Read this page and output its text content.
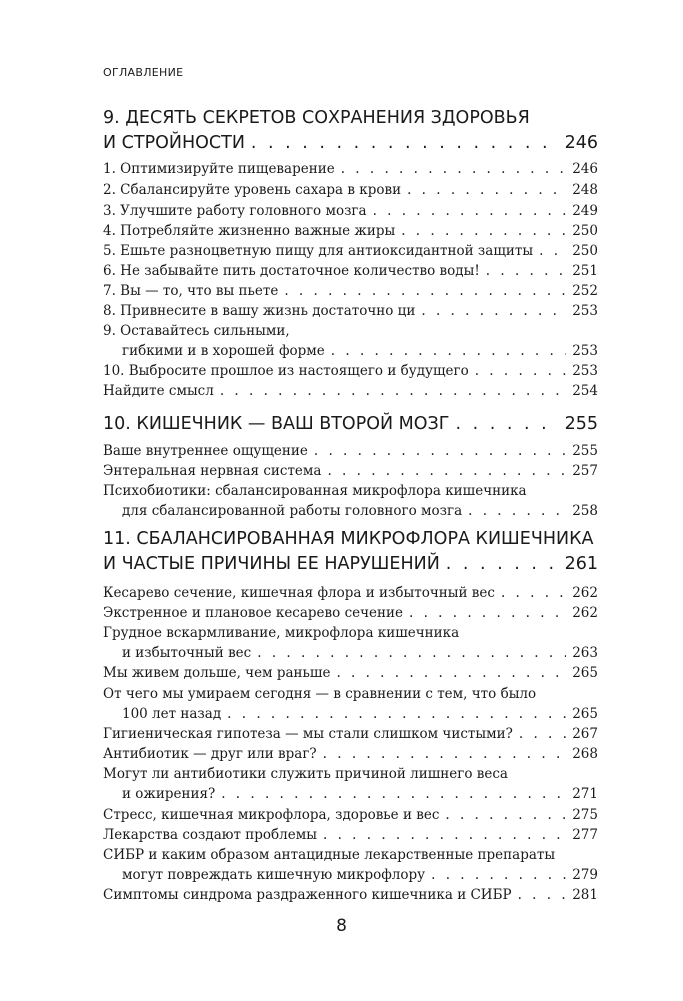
ОГЛАВЛЕНИЕ
9. ДЕСЯТЬ СЕКРЕТОВ СОХРАНЕНИЯ ЗДОРОВЬЯ
И СТРОЙНОСТИ . . .	246
1. Оптимизируйте пищеварение . . .	246
2. Сбалансируйте уровень сахара в крови . . .	248
3. Улучшите работу головного мозга . . .	249
4. Потребляйте жизненно важные жиры . . .	250
5. Ешьте разноцветную пищу для антиоксидантной защиты . . .	250
6. Не забывайте пить достаточное количество воды! . . .	251
7. Вы — то, что вы пьете . . .	252
8. Привнесите в вашу жизнь достаточно ци . . .	253
9. Оставайтесь сильными,
гибкими и в хорошей форме . . .	253
10. Выбросите прошлое из настоящего и будущего . . .	253
Найдите смысл . . .	254
10. КИШЕЧНИК — ВАШ ВТОРОЙ МОЗГ . . .	255
Ваше внутреннее ощущение . . .	255
Энтеральная нервная система . . .	257
Психобиотики: сбалансированная микрофлора кишечника
для сбалансированной работы головного мозга . . .	258
11. СБАЛАНСИРОВАННАЯ МИКРОФЛОРА КИШЕЧНИКА
И ЧАСТЫЕ ПРИЧИНЫ ЕЕ НАРУШЕНИЙ . . .	261
Кесарево сечение, кишечная флора и избыточный вес . . .	262
Экстренное и плановое кесарево сечение . . .	262
Грудное вскармливание, микрофлора кишечника
и избыточный вес . . .	263
Мы живем дольше, чем раньше . . .	265
От чего мы умираем сегодня — в сравнении с тем, что было
100 лет назад . . .	265
Гигиеническая гипотеза — мы стали слишком чистыми? . . .	267
Антибиотик — друг или враг? . . .	268
Могут ли антибиотики служить причиной лишнего веса
и ожирения? . . .	271
Стресс, кишечная микрофлора, здоровье и вес . . .	275
Лекарства создают проблемы . . .	277
СИБР и каким образом антацидные лекарственные препараты
могут повреждать кишечную микрофлору . . .	279
Симптомы синдрома раздраженного кишечника и СИБР . . .	281
8
